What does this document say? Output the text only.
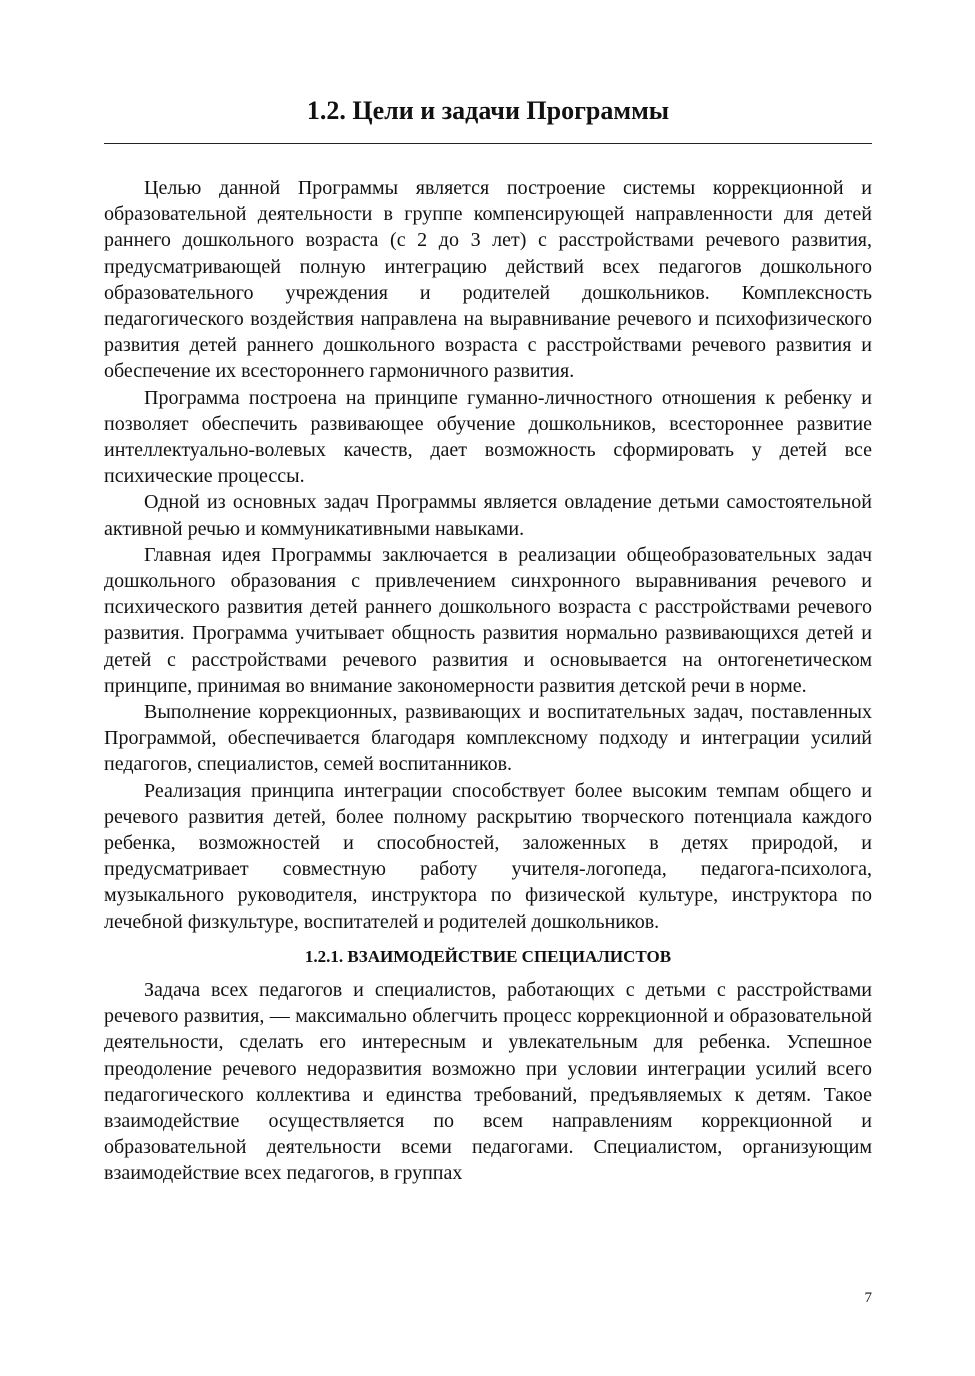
1.2. Цели и задачи Программы

Целью данной Программы является построение системы коррекционной и образовательной деятельности в группе компенсирующей направленности для детей раннего дошкольного возраста (с 2 до 3 лет) с расстройствами речевого развития, предусматривающей полную интеграцию действий всех педагогов дошкольного образовательного учреждения и родителей дошкольников. Комплексность педагогического воздействия направлена на выравнивание речевого и психофизического развития детей раннего дошкольного возраста с расстройствами речевого развития и обеспечение их всестороннего гармоничного развития.

Программа построена на принципе гуманно-личностного отношения к ребенку и позволяет обеспечить развивающее обучение дошкольников, всестороннее развитие интеллектуально-волевых качеств, дает возможность сформировать у детей все психические процессы.

Одной из основных задач Программы является овладение детьми самостоятельной активной речью и коммуникативными навыками.

Главная идея Программы заключается в реализации общеобразовательных задач дошкольного образования с привлечением синхронного выравнивания речевого и психического развития детей раннего дошкольного возраста с расстройствами речевого развития. Программа учитывает общность развития нормально развивающихся детей и детей с расстройствами речевого развития и основывается на онтогенетическом принципе, принимая во внимание закономерности развития детской речи в норме.

Выполнение коррекционных, развивающих и воспитательных задач, поставленных Программой, обеспечивается благодаря комплексному подходу и интеграции усилий педагогов, специалистов, семей воспитанников.

Реализация принципа интеграции способствует более высоким темпам общего и речевого развития детей, более полному раскрытию творческого потенциала каждого ребенка, возможностей и способностей, заложенных в детях природой, и предусматривает совместную работу учителя-логопеда, педагога-психолога, музыкального руководителя, инструктора по физической культуре, инструктора по лечебной физкультуре, воспитателей и родителей дошкольников.

1.2.1. ВЗАИМОДЕЙСТВИЕ СПЕЦИАЛИСТОВ

Задача всех педагогов и специалистов, работающих с детьми с расстройствами речевого развития, — максимально облегчить процесс коррекционной и образовательной деятельности, сделать его интересным и увлекательным для ребенка. Успешное преодоление речевого недоразвития возможно при условии интеграции усилий всего педагогического коллектива и единства требований, предъявляемых к детям. Такое взаимодействие осуществляется по всем направлениям коррекционной и образовательной деятельности всеми педагогами. Специалистом, организующим взаимодействие всех педагогов, в группах

7
